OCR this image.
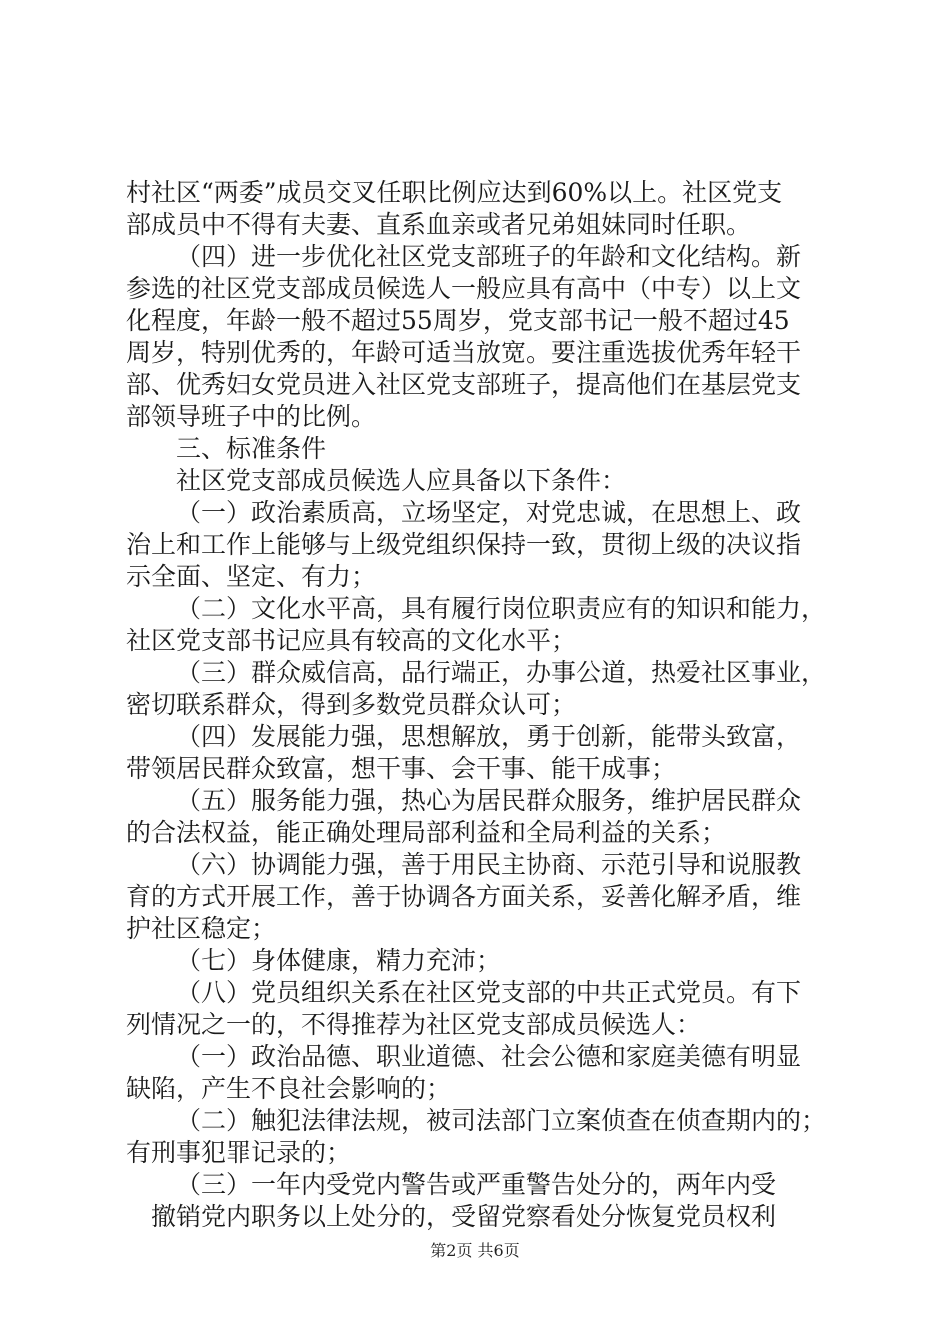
村社区“两委”成员交叉任职比例应达到60%以上。社区党支
部成员中不得有夫妻、直系血亲或者兄弟姐妹同时任职。
（四）进一步优化社区党支部班子的年龄和文化结构。新
参选的社区党支部成员候选人一般应具有高中（中专）以上文
化程度，年龄一般不超过55周岁，党支部书记一般不超过45
周岁，特别优秀的，年龄可适当放宽。要注重选拔优秀年轻干
部、优秀妇女党员进入社区党支部班子，提高他们在基层党支
部领导班子中的比例。
三、标准条件
社区党支部成员候选人应具备以下条件：
（一）政治素质高，立场坚定，对党忠诚，在思想上、政
治上和工作上能够与上级党组织保持一致，贯彻上级的决议指
示全面、坚定、有力；
（二）文化水平高，具有履行岗位职责应有的知识和能力，
社区党支部书记应具有较高的文化水平；
（三）群众威信高，品行端正，办事公道，热爱社区事业，
密切联系群众，得到多数党员群众认可；
（四）发展能力强，思想解放，勇于创新，能带头致富，
带领居民群众致富，想干事、会干事、能干成事；
（五）服务能力强，热心为居民群众服务，维护居民群众
的合法权益，能正确处理局部利益和全局利益的关系；
（六）协调能力强，善于用民主协商、示范引导和说服教
育的方式开展工作，善于协调各方面关系，妥善化解矛盾，维
护社区稳定；
（七）身体健康，精力充沛；
（八）党员组织关系在社区党支部的中共正式党员。有下
列情况之一的，不得推荐为社区党支部成员候选人：
（一）政治品德、职业道德、社会公德和家庭美德有明显
缺陷，产生不良社会影响的；
（二）触犯法律法规，被司法部门立案侦查在侦查期内的；
有刑事犯罪记录的；
（三）一年内受党内警告或严重警告处分的，两年内受
撤销党内职务以上处分的，受留党察看处分恢复党员权利
第2页 共6页
